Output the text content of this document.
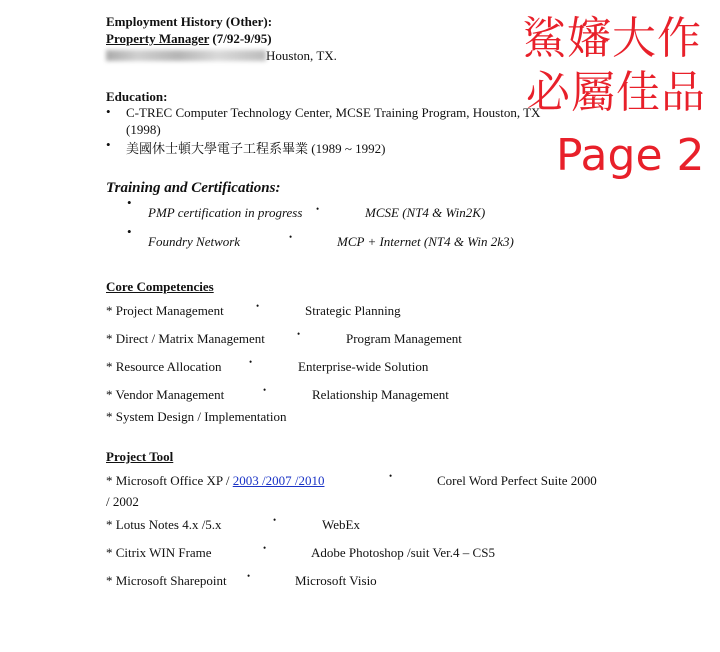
鯊嬸大作
必屬佳品
Page 2
Employment History (Other):
Property Manager (7/92-9/95)
Houston, TX.
Education:
• C-TREC Computer Technology Center, MCSE Training Program, Houston, TX
(1998)
• 美國休士頓大學電子工程系畢業 (1989 ~ 1992)
Training and Certifications:
•
PMP certification in progress •	MCSE (NT4 & Win2K)
•
Foundry Network	•	MCP + Internet (NT4 & Win 2k3)
Core Competencies
* Project Management	•	Strategic Planning
* Direct / Matrix Management	•	Program Management
* Resource Allocation	•	Enterprise-wide Solution
* Vendor Management	•	Relationship Management
* System Design / Implementation
Project Tool
* Microsoft Office XP / 2003 /2007 /2010	•	Corel Word Perfect Suite 2000
/ 2002
* Lotus Notes 4.x /5.x	•	WebEx
* Citrix WIN Frame	•	Adobe Photoshop /suit Ver.4 – CS5
* Microsoft Sharepoint •	Microsoft Visio
